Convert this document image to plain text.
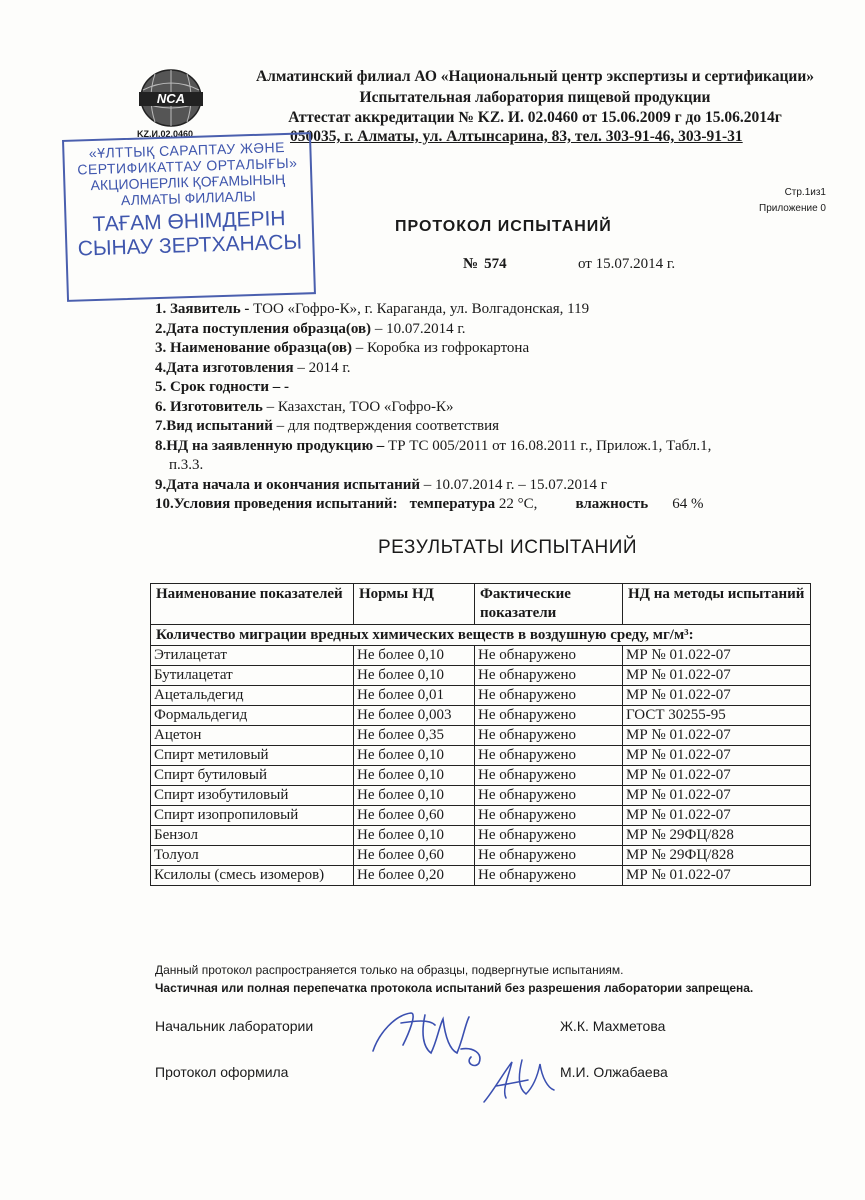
NCA
KZ.И.02.0460
Алматинский филиал АО «Национальный центр экспертизы и сертификации»
Испытательная лаборатория пищевой продукции
Аттестат аккредитации № KZ. И. 02.0460 от 15.06.2009 г до 15.06.2014г
050035, г. Алматы, ул. Алтынсарина, 83, тел. 303-91-46, 303-91-31
«ҰЛТТЫҚ САРАПТАУ ЖӘНЕ
СЕРТИФИКАТТАУ ОРТАЛЫҒЫ»
АКЦИОНЕРЛІК ҚОҒАМЫНЫҢ
АЛМАТЫ ФИЛИАЛЫ
ТАҒАМ ӨНІМДЕРІН
СЫНАУ ЗЕРТХАНАСЫ
Стр.1из1
Приложение 0
ПРОТОКОЛ ИСПЫТАНИЙ
№ 574	от 15.07.2014 г.
1. Заявитель - ТОО «Гофро-К», г. Караганда, ул. Волгадонская, 119
2.Дата поступления образца(ов) – 10.07.2014 г.
3. Наименование образца(ов) – Коробка из гофрокартона
4.Дата изготовления – 2014 г.
5. Срок годности – -
6. Изготовитель – Казахстан, ТОО «Гофро-К»
7.Вид испытаний – для подтверждения соответствия
8.НД на заявленную продукцию – ТР ТС 005/2011 от 16.08.2011 г., Прилож.1, Табл.1,
п.3.3.
9.Дата начала и окончания испытаний – 10.07.2014 г. – 15.07.2014 г
10.Условия проведения испытаний: температура 22 °C,	влажность 64 %
РЕЗУЛЬТАТЫ ИСПЫТАНИЙ
Наименование показателей	Нормы НД	Фактические показатели	НД на методы испытаний
Количество миграции вредных химических веществ в воздушную среду, мг/м³:			
Этилацетат	Не более 0,10	Не обнаружено	МР № 01.022-07
Бутилацетат	Не более 0,10	Не обнаружено	МР № 01.022-07
Ацетальдегид	Не более 0,01	Не обнаружено	МР № 01.022-07
Формальдегид	Не более 0,003	Не обнаружено	ГОСТ 30255-95
Ацетон	Не более 0,35	Не обнаружено	МР № 01.022-07
Спирт метиловый	Не более 0,10	Не обнаружено	МР № 01.022-07
Спирт бутиловый	Не более 0,10	Не обнаружено	МР № 01.022-07
Спирт изобутиловый	Не более 0,10	Не обнаружено	МР № 01.022-07
Спирт изопропиловый	Не более 0,60	Не обнаружено	МР № 01.022-07
Бензол	Не более 0,10	Не обнаружено	МР № 29ФЦ/828
Толуол	Не более 0,60	Не обнаружено	МР № 29ФЦ/828
Ксилолы (смесь изомеров)	Не более 0,20	Не обнаружено	МР № 01.022-07
Данный протокол распространяется только на образцы, подвергнутые испытаниям.
Частичная или полная перепечатка протокола испытаний без разрешения лаборатории запрещена.
Начальник лаборатории	Ж.К. Махметова
Протокол оформила	М.И. Олжабаева
